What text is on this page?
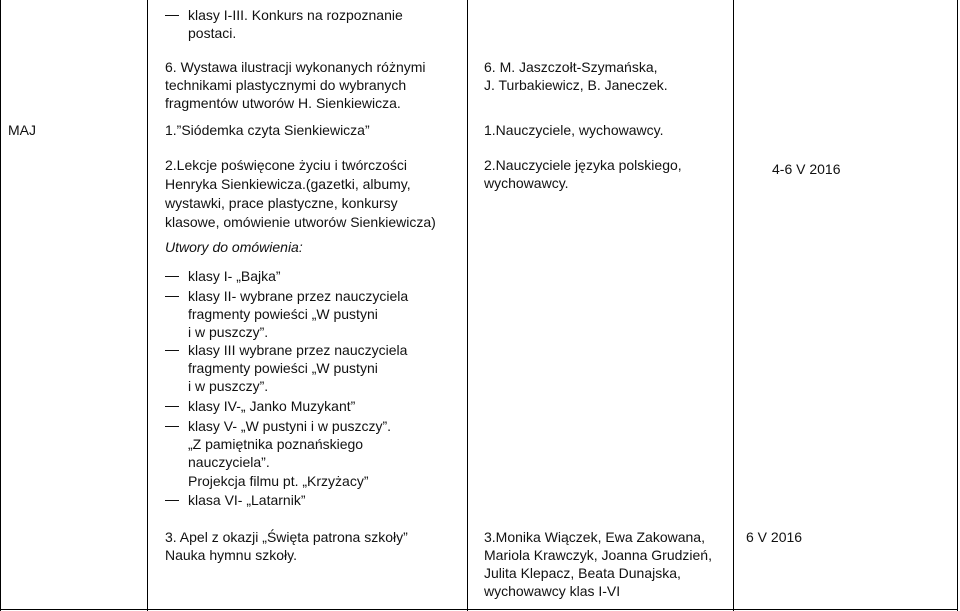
klasy I-III. Konkurs na rozpoznanie
postaci.
6. Wystawa ilustracji wykonanych różnymi
technikami plastycznymi do wybranych
fragmentów utworów H. Sienkiewicza.
6. M. Jaszczołt-Szymańska,
J. Turbakiewicz, B. Janeczek.
MAJ	1.”Siódemka czyta Sienkiewicza”	1.Nauczyciele, wychowawcy.
2.Lekcje poświęcone życiu i twórczości
Henryka Sienkiewicza.(gazetki, albumy,
wystawki, prace plastyczne, konkursy
klasowe, omówienie utworów Sienkiewicza)
2.Nauczyciele języka polskiego,
wychowawcy.
4-6 V 2016
Utwory do omówienia:
klasy I- „Bajka”
klasy II- wybrane przez nauczyciela
fragmenty powieści „W pustyni
i w puszczy”.
klasy III wybrane przez nauczyciela
fragmenty powieści „W pustyni
i w puszczy”.
klasy IV-„ Janko Muzykant”
klasy V- „W pustyni i w puszczy”.
„Z pamiętnika poznańskiego
nauczyciela”.
Projekcja filmu pt. „Krzyżacy”
klasa VI- „Latarnik”
3. Apel z okazji „Święta patrona szkoły”
Nauka hymnu szkoły.
3.Monika Wiączek, Ewa Zakowana,
Mariola Krawczyk, Joanna Grudzień,
Julita Klepacz, Beata Dunajska,
wychowawcy klas I-VI
6 V 2016
